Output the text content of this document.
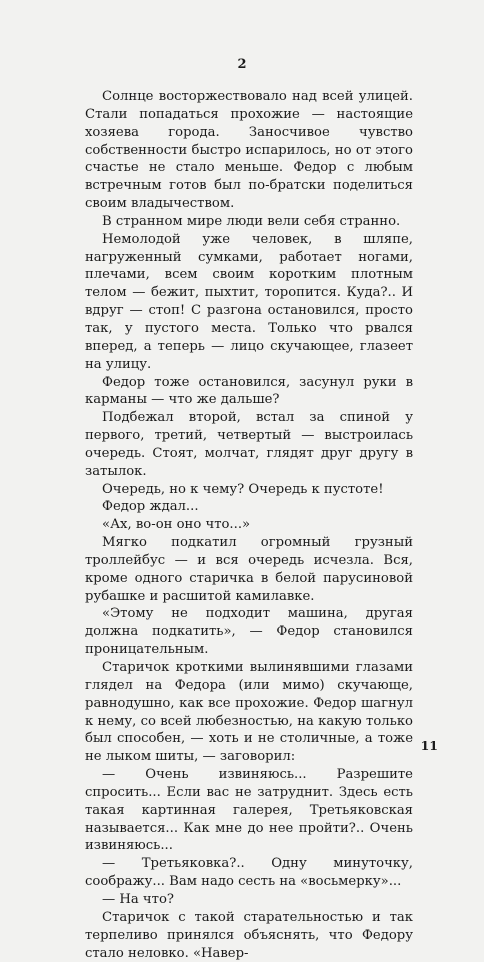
2

Солнце восторжествовало над всей улицей. Стали попадаться прохожие — настоящие хозяева города. Заносчивое чувство собственности быстро испарилось, но от этого счастье не стало меньше. Федор с любым встречным готов был по-братски поделиться своим владычеством.

В странном мире люди вели себя странно.

Немолодой уже человек, в шляпе, нагруженный сумками, работает ногами, плечами, всем своим коротким плотным телом — бежит, пыхтит, торопится. Куда?.. И вдруг — стоп! С разгона остановился, просто так, у пустого места. Только что рвался вперед, а теперь — лицо скучающее, глазеет на улицу.

Федор тоже остановился, засунул руки в карманы — что же дальше?

Подбежал второй, встал за спиной у первого, третий, четвертый — выстроилась очередь. Стоят, молчат, глядят друг другу в затылок.

Очередь, но к чему? Очередь к пустоте!

Федор ждал...

«Ах, во-он оно что...»

Мягко подкатил огромный грузный троллейбус — и вся очередь исчезла. Вся, кроме одного старичка в белой парусиновой рубашке и расшитой камилавке.

«Этому не подходит машина, другая должна подкатить», — Федор становился проницательным.

Старичок кроткими вылинявшими глазами глядел на Федора (или мимо) скучающе, равнодушно, как все прохожие. Федор шагнул к нему, со всей любезностью, на какую только был способен, — хоть и не столичные, а тоже не лыком шиты, — заговорил:

— Очень извиняюсь... Разрешите спросить... Если вас не затруднит. Здесь есть такая картинная галерея, Третьяковская называется... Как мне до нее пройти?.. Очень извиняюсь...

— Третьяковка?.. Одну минуточку, соображу... Вам надо сесть на «восьмерку»...

— На что?

Старичок с такой старательностью и так терпеливо принялся объяснять, что Федору стало неловко. «Навер-

11
